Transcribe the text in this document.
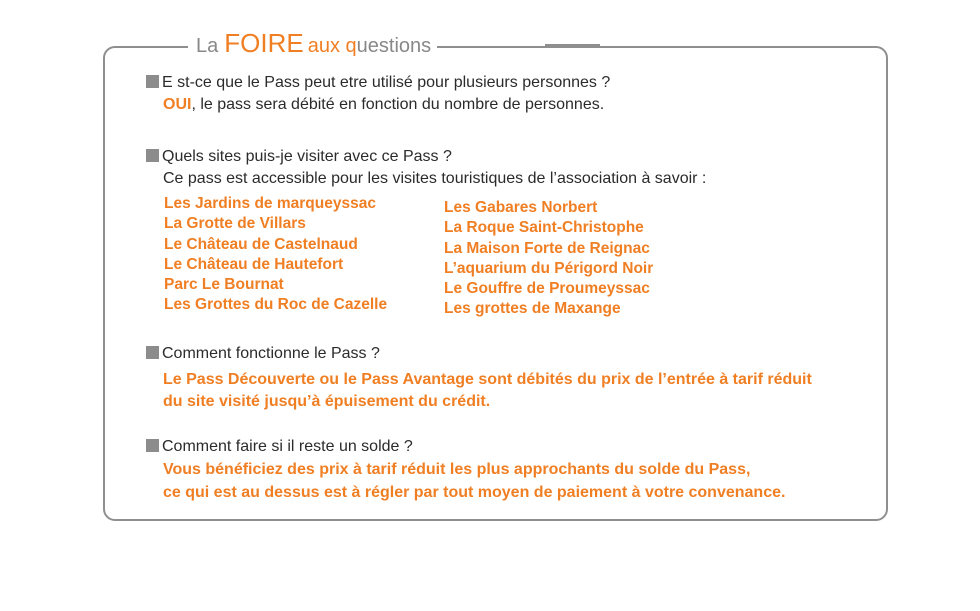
La FOIRE aux questions
E st-ce que le Pass peut etre utilisé pour plusieurs personnes ?
OUI, le pass sera débité en fonction du nombre de personnes.
Quels sites puis-je visiter avec ce Pass ?
Ce pass est accessible pour les visites touristiques de l’association à savoir :
Les Jardins de marqueyssac
La Grotte de Villars
Le Château de Castelnaud
Le Château de Hautefort
Parc Le Bournat
Les Grottes du Roc de Cazelle
Les Gabares Norbert
La Roque Saint-Christophe
La Maison Forte de Reignac
L’aquarium du Périgord Noir
Le Gouffre de Proumeyssac
Les grottes de Maxange
Comment fonctionne le Pass ?
Le Pass Découverte ou le Pass Avantage sont débités du prix de l’entrée à tarif réduit
du site visité jusqu’à épuisement du crédit.
Comment faire si il reste un solde ?
Vous bénéficiez des prix à tarif réduit les plus approchants du solde du Pass,
ce qui est au dessus est à régler par tout moyen de paiement à votre convenance.
